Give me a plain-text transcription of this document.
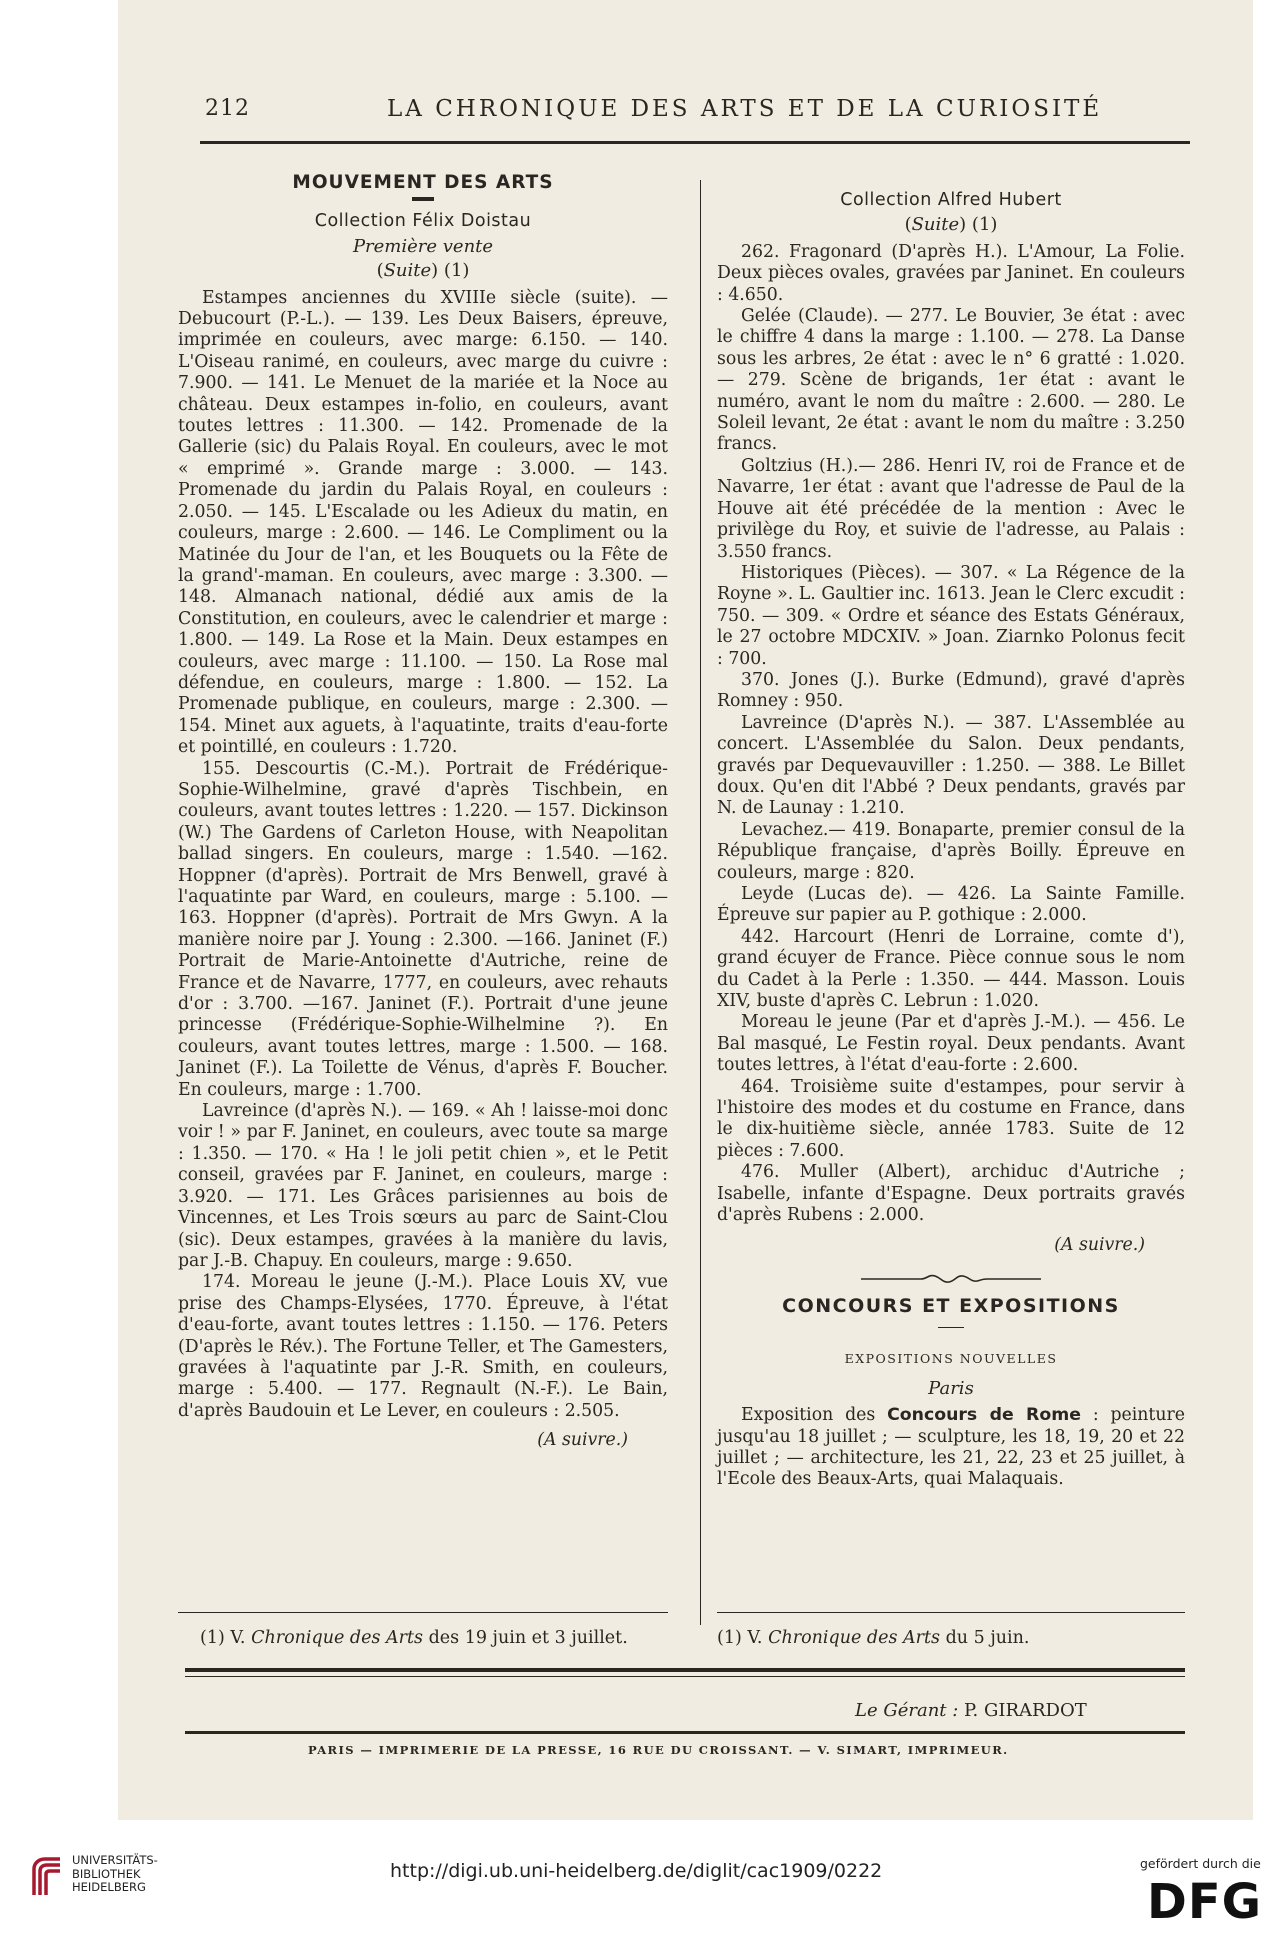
212	LA CHRONIQUE DES ARTS ET DE LA CURIOSITÉ
MOUVEMENT DES ARTS
Collection Félix Doistau
Première vente
(Suite) (1)

Estampes anciennes du XVIIIe siècle (suite). — Debucourt (P.-L.). — 139. Les Deux Baisers, épreuve, imprimée en couleurs, avec marge: 6.150. — 140. L'Oiseau ranimé, en couleurs, avec marge du cuivre : 7.900. — 141. Le Menuet de la mariée et la Noce au château. Deux estampes in-folio, en couleurs, avant toutes lettres : 11.300. — 142. Promenade de la Gallerie (sic) du Palais Royal. En couleurs, avec le mot « emprimé ». Grande marge : 3.000. — 143. Promenade du jardin du Palais Royal, en couleurs : 2.050. — 145. L'Escalade ou les Adieux du matin, en couleurs, marge : 2.600. — 146. Le Compliment ou la Matinée du Jour de l'an, et les Bouquets ou la Fête de la grand'-maman. En couleurs, avec marge : 3.300. — 148. Almanach national, dédié aux amis de la Constitution, en couleurs, avec le calendrier et marge : 1.800. — 149. La Rose et la Main. Deux estampes en couleurs, avec marge : 11.100. — 150. La Rose mal défendue, en couleurs, marge : 1.800. — 152. La Promenade publique, en couleurs, marge : 2.300. — 154. Minet aux aguets, à l'aquatinte, traits d'eau-forte et pointillé, en couleurs : 1.720.

155. Descourtis (C.-M.). Portrait de Frédérique-Sophie-Wilhelmine, gravé d'après Tischbein, en couleurs, avant toutes lettres : 1.220. — 157. Dickinson (W.) The Gardens of Carleton House, with Neapolitan ballad singers. En couleurs, marge : 1.540. —162. Hoppner (d'après). Portrait de Mrs Benwell, gravé à l'aquatinte par Ward, en couleurs, marge : 5.100. — 163. Hoppner (d'après). Portrait de Mrs Gwyn. A la manière noire par J. Young : 2.300. —166. Janinet (F.) Portrait de Marie-Antoinette d'Autriche, reine de France et de Navarre, 1777, en couleurs, avec rehauts d'or : 3.700. —167. Janinet (F.). Portrait d'une jeune princesse (Frédérique-Sophie-Wilhelmine ?). En couleurs, avant toutes lettres, marge : 1.500. — 168. Janinet (F.). La Toilette de Vénus, d'après F. Boucher. En couleurs, marge : 1.700.

Lavreince (d'après N.). — 169. « Ah ! laisse-moi donc voir ! » par F. Janinet, en couleurs, avec toute sa marge : 1.350. — 170. « Ha ! le joli petit chien », et le Petit conseil, gravées par F. Janinet, en couleurs, marge : 3.920. — 171. Les Grâces parisiennes au bois de Vincennes, et Les Trois sœurs au parc de Saint-Clou (sic). Deux estampes, gravées à la manière du lavis, par J.-B. Chapuy. En couleurs, marge : 9.650.

174. Moreau le jeune (J.-M.). Place Louis XV, vue prise des Champs-Elysées, 1770. Épreuve, à l'état d'eau-forte, avant toutes lettres : 1.150. — 176. Peters (D'après le Rév.). The Fortune Teller, et The Gamesters, gravées à l'aquatinte par J.-R. Smith, en couleurs, marge : 5.400. — 177. Regnault (N.-F.). Le Bain, d'après Baudouin et Le Lever, en couleurs : 2.505.

(A suivre.)
Collection Alfred Hubert
(Suite) (1)

262. Fragonard (D'après H.). L'Amour, La Folie. Deux pièces ovales, gravées par Janinet. En couleurs : 4.650.

Gelée (Claude). — 277. Le Bouvier, 3e état : avec le chiffre 4 dans la marge : 1.100. — 278. La Danse sous les arbres, 2e état : avec le n° 6 gratté : 1.020. — 279. Scène de brigands, 1er état : avant le numéro, avant le nom du maître : 2.600. — 280. Le Soleil levant, 2e état : avant le nom du maître : 3.250 francs.

Goltzius (H.).— 286. Henri IV, roi de France et de Navarre, 1er état : avant que l'adresse de Paul de la Houve ait été précédée de la mention : Avec le privilège du Roy, et suivie de l'adresse, au Palais : 3.550 francs.

Historiques (Pièces). — 307. « La Régence de la Royne ». L. Gaultier inc. 1613. Jean le Clerc excudit : 750. — 309. « Ordre et séance des Estats Généraux, le 27 octobre MDCXIV. » Joan. Ziarnko Polonus fecit : 700.

370. Jones (J.). Burke (Edmund), gravé d'après Romney : 950.

Lavreince (D'après N.). — 387. L'Assemblée au concert. L'Assemblée du Salon. Deux pendants, gravés par Dequevauviller : 1.250. — 388. Le Billet doux. Qu'en dit l'Abbé ? Deux pendants, gravés par N. de Launay : 1.210.

Levachez.— 419. Bonaparte, premier consul de la République française, d'après Boilly. Épreuve en couleurs, marge : 820.

Leyde (Lucas de). — 426. La Sainte Famille. Épreuve sur papier au P. gothique : 2.000.

442. Harcourt (Henri de Lorraine, comte d'), grand écuyer de France. Pièce connue sous le nom du Cadet à la Perle : 1.350. — 444. Masson. Louis XIV, buste d'après C. Lebrun : 1.020.

Moreau le jeune (Par et d'après J.-M.). — 456. Le Bal masqué, Le Festin royal. Deux pendants. Avant toutes lettres, à l'état d'eau-forte : 2.600.

464. Troisième suite d'estampes, pour servir à l'histoire des modes et du costume en France, dans le dix-huitième siècle, année 1783. Suite de 12 pièces : 7.600.

476. Muller (Albert), archiduc d'Autriche ; Isabelle, infante d'Espagne. Deux portraits gravés d'après Rubens : 2.000.

(A suivre.)
CONCOURS ET EXPOSITIONS
EXPOSITIONS NOUVELLES
Paris

Exposition des Concours de Rome : peinture jusqu'au 18 juillet ; — sculpture, les 18, 19, 20 et 22 juillet ; — architecture, les 21, 22, 23 et 25 juillet, à l'Ecole des Beaux-Arts, quai Malaquais.

(1) V. Chronique des Arts des 19 juin et 3 juillet.	(1) V. Chronique des Arts du 5 juin.
Le Gérant : P. GIRARDOT
PARIS — IMPRIMERIE DE LA PRESSE, 16 RUE DU CROISSANT. — V. SIMART, IMPRIMEUR.
UNIVERSITÄTS-
BIBLIOTHEK
HEIDELBERG
http://digi.ub.uni-heidelberg.de/diglit/cac1909/0222	gefördert durch die
DFG
